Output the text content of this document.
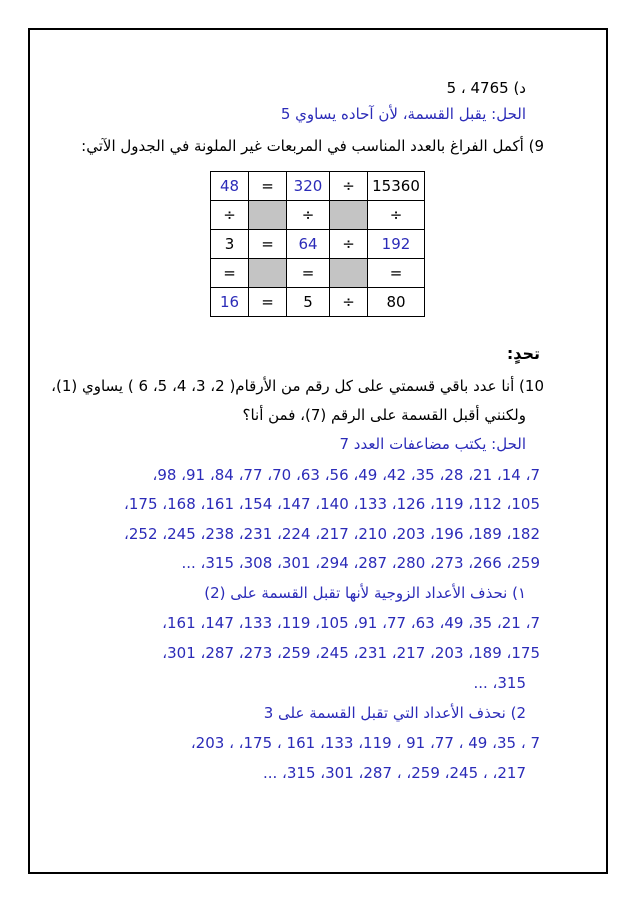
د) 4765 ، 5
الحل: يقبل القسمة، لأن آحاده يساوي 5
9) أكمل الفراغ بالعدد المناسب في المربعات غير الملونة في الجدول الآتي:
48	=	320	÷	15360
÷		÷		÷
3	=	64	÷	192
=		=		=
16	=	5	÷	80
تحدٍ:
10) أنا عدد باقي قسمتي على كل رقم من الأرقام( 2، 3، 4، 5، 6 ) يساوي (1)،
ولكنني أقبل القسمة على الرقم (7)، فمن أنا؟
الحل: يكتب مضاعفات العدد 7
7، 14، 21، 28، 35، 42، 49، 56، 63، 70، 77، 84، 91، 98،
105، 112، 119، 126، 133، 140، 147، 154، 161، 168، 175،
182، 189، 196، 203، 210، 217، 224، 231، 238، 245، 252،
259، 266، 273، 280، 287، 294، 301، 308، 315، ...
١) نحذف الأعداد الزوجية لأنها تقبل القسمة على (2)
7، 21، 35، 49، 63، 77، 91، 105، 119، 133، 147، 161،
175، 189، 203، 217، 231، 245، 259، 273، 287، 301،
315، ...
2) نحذف الأعداد التي تقبل القسمة على 3
7 ، 35، 49 ، 77، 91 ، 119، 133، 161 ، 175، ، 203،
217، ، 245، 259، ، 287، 301، 315، ...
